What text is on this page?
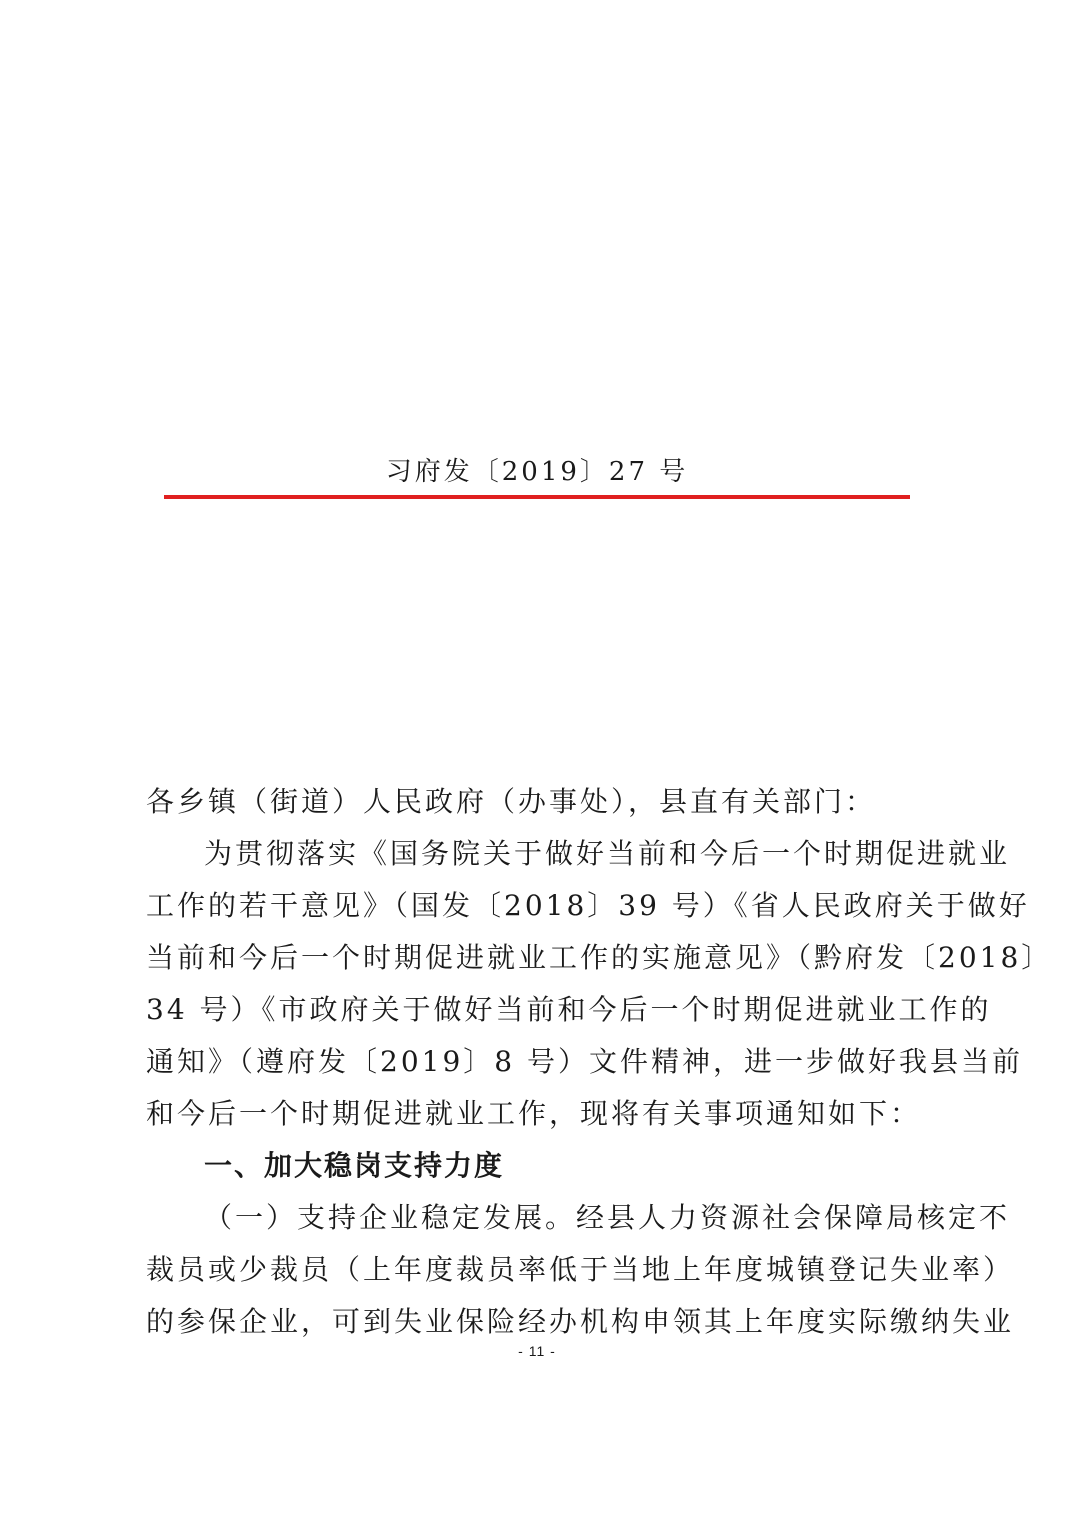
习府发〔2019〕27 号
各乡镇（街道）人民政府（办事处），县直有关部门：
为贯彻落实《国务院关于做好当前和今后一个时期促进就业
工作的若干意见》（国发〔2018〕39 号）《省人民政府关于做好
当前和今后一个时期促进就业工作的实施意见》（黔府发〔2018〕
34 号）《市政府关于做好当前和今后一个时期促进就业工作的
通知》（遵府发〔2019〕8 号）文件精神，进一步做好我县当前
和今后一个时期促进就业工作，现将有关事项通知如下：
一、加大稳岗支持力度
（一）支持企业稳定发展。经县人力资源社会保障局核定不
裁员或少裁员（上年度裁员率低于当地上年度城镇登记失业率）
的参保企业，可到失业保险经办机构申领其上年度实际缴纳失业
- 11 -
